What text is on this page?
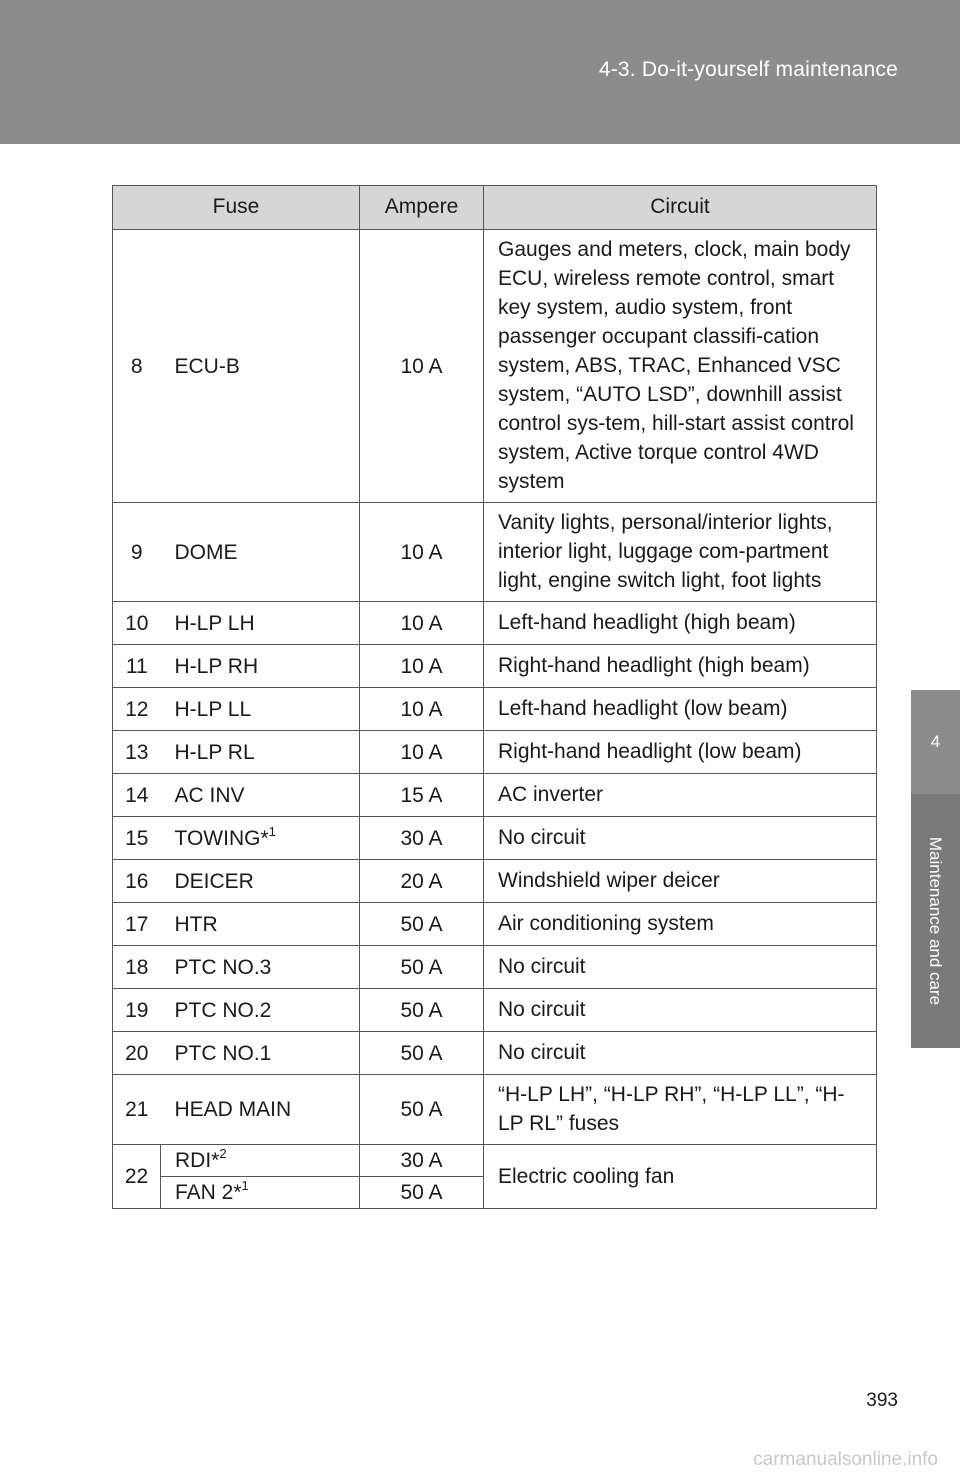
4-3. Do-it-yourself maintenance
4
Maintenance and care
Fuse		Ampere	Circuit
8	ECU-B	10 A	Gauges and meters, clock, main body ECU, wireless remote control, smart key system, audio system, front passenger occupant classifi-cation system, ABS, TRAC, Enhanced VSC system, “AUTO LSD”, downhill assist control sys-tem, hill-start assist control system, Active torque control 4WD system
9	DOME	10 A	Vanity lights, personal/interior lights, interior light, luggage com-partment light, engine switch light, foot lights
10	H-LP LH	10 A	Left-hand headlight (high beam)
11	H-LP RH	10 A	Right-hand headlight (high beam)
12	H-LP LL	10 A	Left-hand headlight (low beam)
13	H-LP RL	10 A	Right-hand headlight (low beam)
14	AC INV	15 A	AC inverter
15	TOWING*$^1$	30 A	No circuit
16	DEICER	20 A	Windshield wiper deicer
17	HTR	50 A	Air conditioning system
18	PTC NO.3	50 A	No circuit
19	PTC NO.2	50 A	No circuit
20	PTC NO.1	50 A	No circuit
21	HEAD MAIN	50 A	“H-LP LH”, “H-LP RH”, “H-LP LL”, “H-LP RL” fuses
22	RDI*$^2$	30 A	Electric cooling fan
	FAN 2*$^1$	50 A	
393
carmanualsonline.info
